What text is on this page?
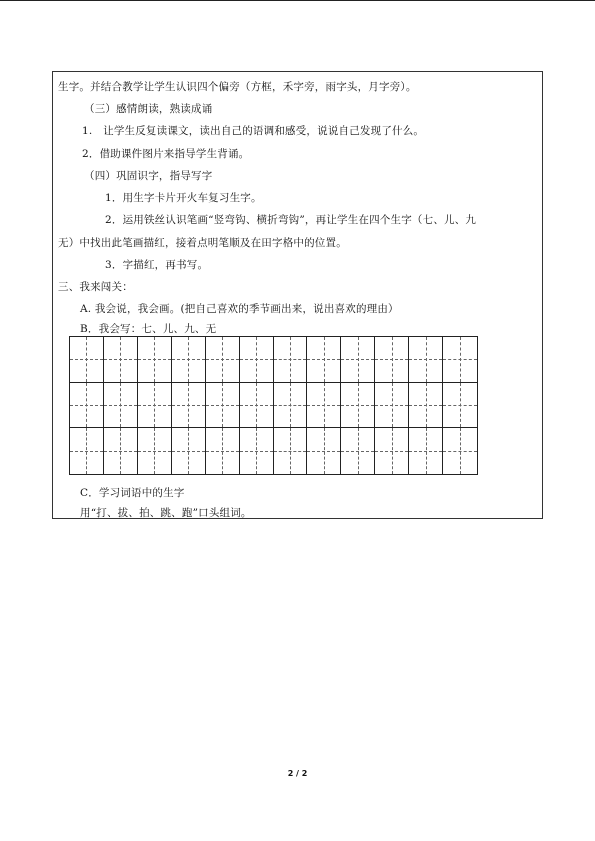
生字。并结合教学让学生认识四个偏旁（方框，禾字旁，雨字头，月字旁）。
（三）感情朗读，熟读成诵
1.　让学生反复读课文，读出自己的语调和感受，说说自己发现了什么。
2．借助课件图片来指导学生背诵。
（四）巩固识字，指导写字
1．用生字卡片开火车复习生字。
2．运用铁丝认识笔画“竖弯钩、横折弯钩”，再让学生在四个生字（七、儿、九
无）中找出此笔画描红，接着点明笔顺及在田字格中的位置。
3．字描红，再书写。
三、我来闯关：
A. 我会说，我会画。(把自己喜欢的季节画出来，说出喜欢的理由）
B．我会写：七、儿、九、无
C．学习词语中的生字
用“打、拔、拍、跳、跑”口头组词。
2 / 2
